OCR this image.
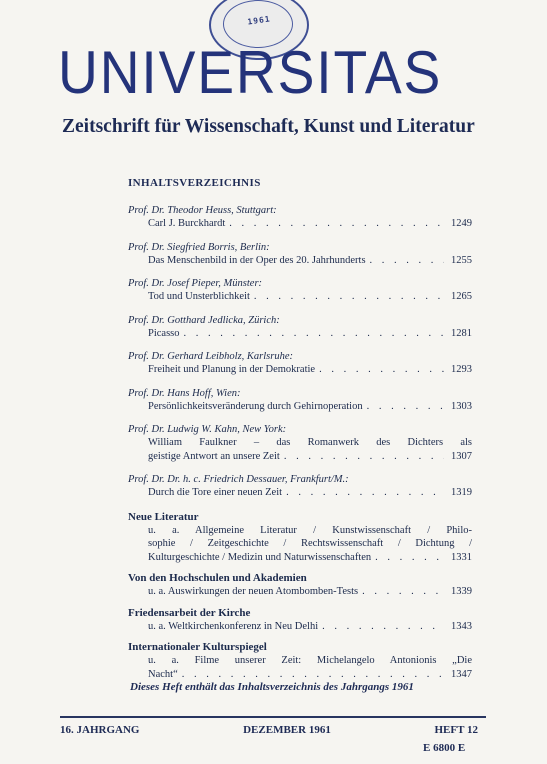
1961
UNIVERSITAS

Zeitschrift für Wissenschaft, Kunst und Literatur

INHALTSVERZEICHNIS
Prof. Dr. Theodor Heuss, Stuttgart:
Carl J. Burckhardt . . .	1249
Prof. Dr. Siegfried Borris, Berlin:
Das Menschenbild in der Oper des 20. Jahrhunderts . . .	1255
Prof. Dr. Josef Pieper, Münster:
Tod und Unsterblichkeit . . .	1265
Prof. Dr. Gotthard Jedlicka, Zürich:
Picasso . . .	1281
Prof. Dr. Gerhard Leibholz, Karlsruhe:
Freiheit und Planung in der Demokratie . . .	1293
Prof. Dr. Hans Hoff, Wien:
Persönlichkeitsveränderung durch Gehirnoperation . . .	1303
Prof. Dr. Ludwig W. Kahn, New York:
William Faulkner – das Romanwerk des Dichters als
geistige Antwort an unsere Zeit . . .	1307
Prof. Dr. Dr. h. c. Friedrich Dessauer, Frankfurt/M.:
Durch die Tore einer neuen Zeit . . .	1319
Neue Literatur
u. a. Allgemeine Literatur / Kunstwissenschaft / Philo-
sophie / Zeitgeschichte / Rechtswissenschaft / Dichtung /
Kulturgeschichte / Medizin und Naturwissenschaften . . .	1331
Von den Hochschulen und Akademien
u. a. Auswirkungen der neuen Atombomben-Tests . . .	1339
Friedensarbeit der Kirche
u. a. Weltkirchenkonferenz in Neu Delhi . . .	1343
Internationaler Kulturspiegel
u. a. Filme unserer Zeit: Michelangelo Antonionis „Die
Nacht“ . . .	1347
Dieses Heft enthält das Inhaltsverzeichnis des Jahrgangs 1961
16. JAHRGANG	DEZEMBER 1961	HEFT 12
E 6800 E
